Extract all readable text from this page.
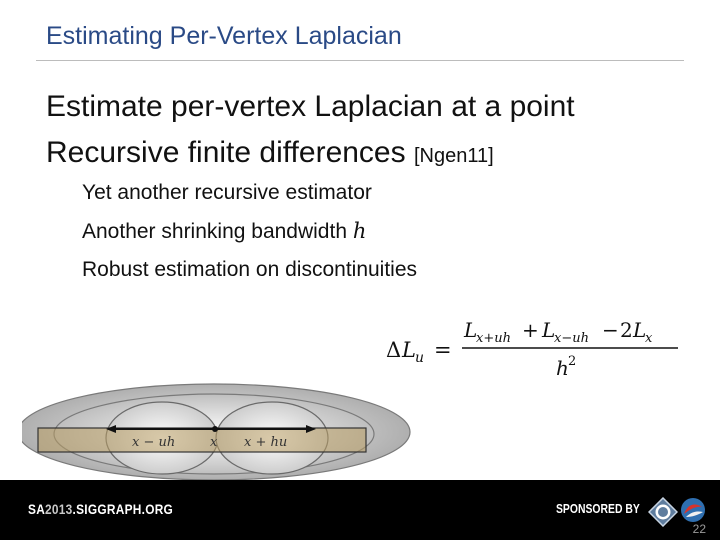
Estimating Per-Vertex Laplacian
Estimate per-vertex Laplacian at a point
Recursive finite differences [Ngen11]
Yet another recursive estimator
Another shrinking bandwidth h
Robust estimation on discontinuities
Δ L u =
L
x+uh + L
x−uh − 2 L
x
h 2
x − uh	x x + hu
SA2013.SIGGRAPH.ORG	SPONSORED BY
22
